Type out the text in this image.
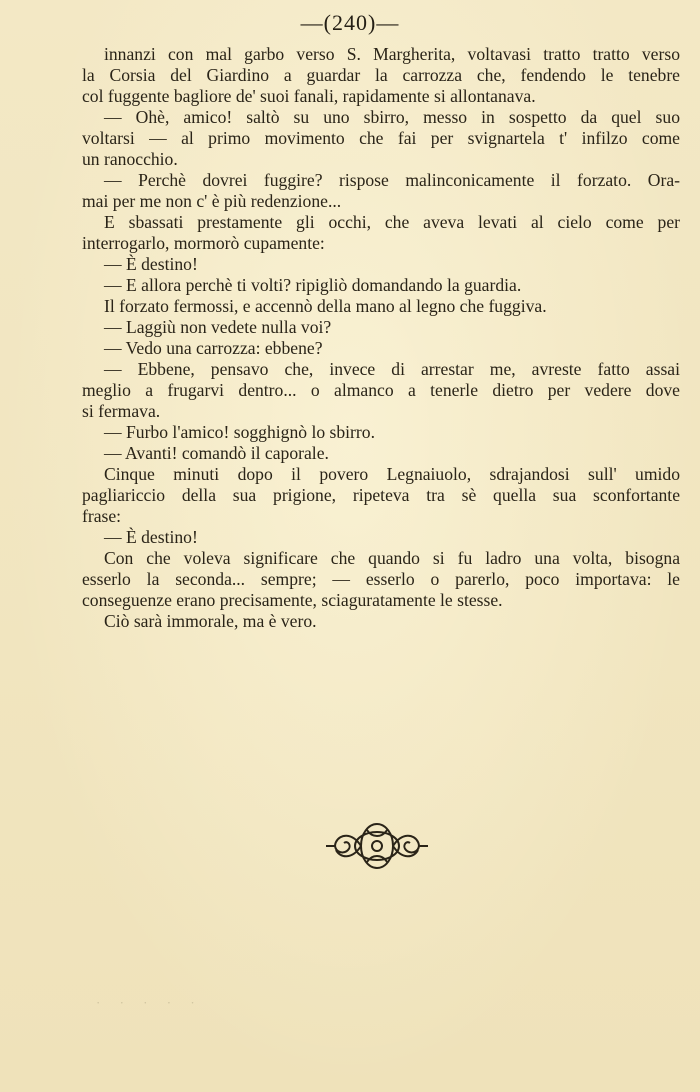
—(240)—

innanzi con mal garbo verso S. Margherita, voltavasi tratto tratto verso
la Corsia del Giardino a guardar la carrozza che, fendendo le tenebre
col fuggente bagliore de' suoi fanali, rapidamente si allontanava.

— Ohè, amico! saltò su uno sbirro, messo in sospetto da quel suo
voltarsi — al primo movimento che fai per svignartela t' infilzo come
un ranocchio.

— Perchè dovrei fuggire? rispose malinconicamente il forzato. Ora-
mai per me non c' è più redenzione...

E sbassati prestamente gli occhi, che aveva levati al cielo come per
interrogarlo, mormorò cupamente:

— È destino!

— E allora perchè ti volti? ripigliò domandando la guardia.

Il forzato fermossi, e accennò della mano al legno che fuggiva.

— Laggiù non vedete nulla voi?

— Vedo una carrozza: ebbene?

— Ebbene, pensavo che, invece di arrestar me, avreste fatto assai
meglio a frugarvi dentro... o almanco a tenerle dietro per vedere dove
si fermava.

— Furbo l'amico! sogghignò lo sbirro.

— Avanti! comandò il caporale.

Cinque minuti dopo il povero Legnaiuolo, sdrajandosi sull' umido
pagliariccio della sua prigione, ripeteva tra sè quella sua sconfortante
frase:

— È destino!

Con che voleva significare che quando si fu ladro una volta, bisogna
esserlo la seconda... sempre; — esserlo o parerlo, poco importava: le
conseguenze erano precisamente, sciaguratamente le stesse.

Ciò sarà immorale, ma è vero.

· · · · ·
